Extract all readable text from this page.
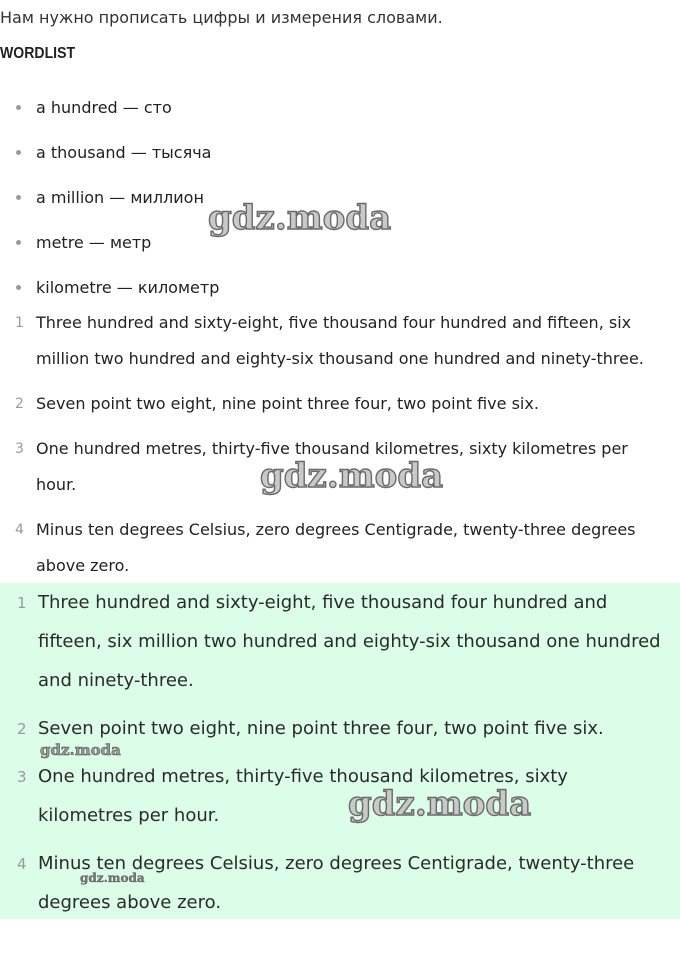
Нам нужно прописать цифры и измерения словами.
WORDLIST
a hundred — сто
a thousand — тысяча
a million — миллион
metre — метр
kilometre — километр
1 Three hundred and sixty-eight, five thousand four hundred and fifteen, six million two hundred and eighty-six thousand one hundred and ninety-three.
2 Seven point two eight, nine point three four, two point five six.
3 One hundred metres, thirty-five thousand kilometres, sixty kilometres per hour.
4 Minus ten degrees Celsius, zero degrees Centigrade, twenty-three degrees above zero.
1 Three hundred and sixty-eight, five thousand four hundred and fifteen, six million two hundred and eighty-six thousand one hundred and ninety-three.
2 Seven point two eight, nine point three four, two point five six.
3 One hundred metres, thirty-five thousand kilometres, sixty kilometres per hour.
4 Minus ten degrees Celsius, zero degrees Centigrade, twenty-three degrees above zero.
gdz.moda
gdz.moda
gdz.moda
gdz.moda
gdz.moda
